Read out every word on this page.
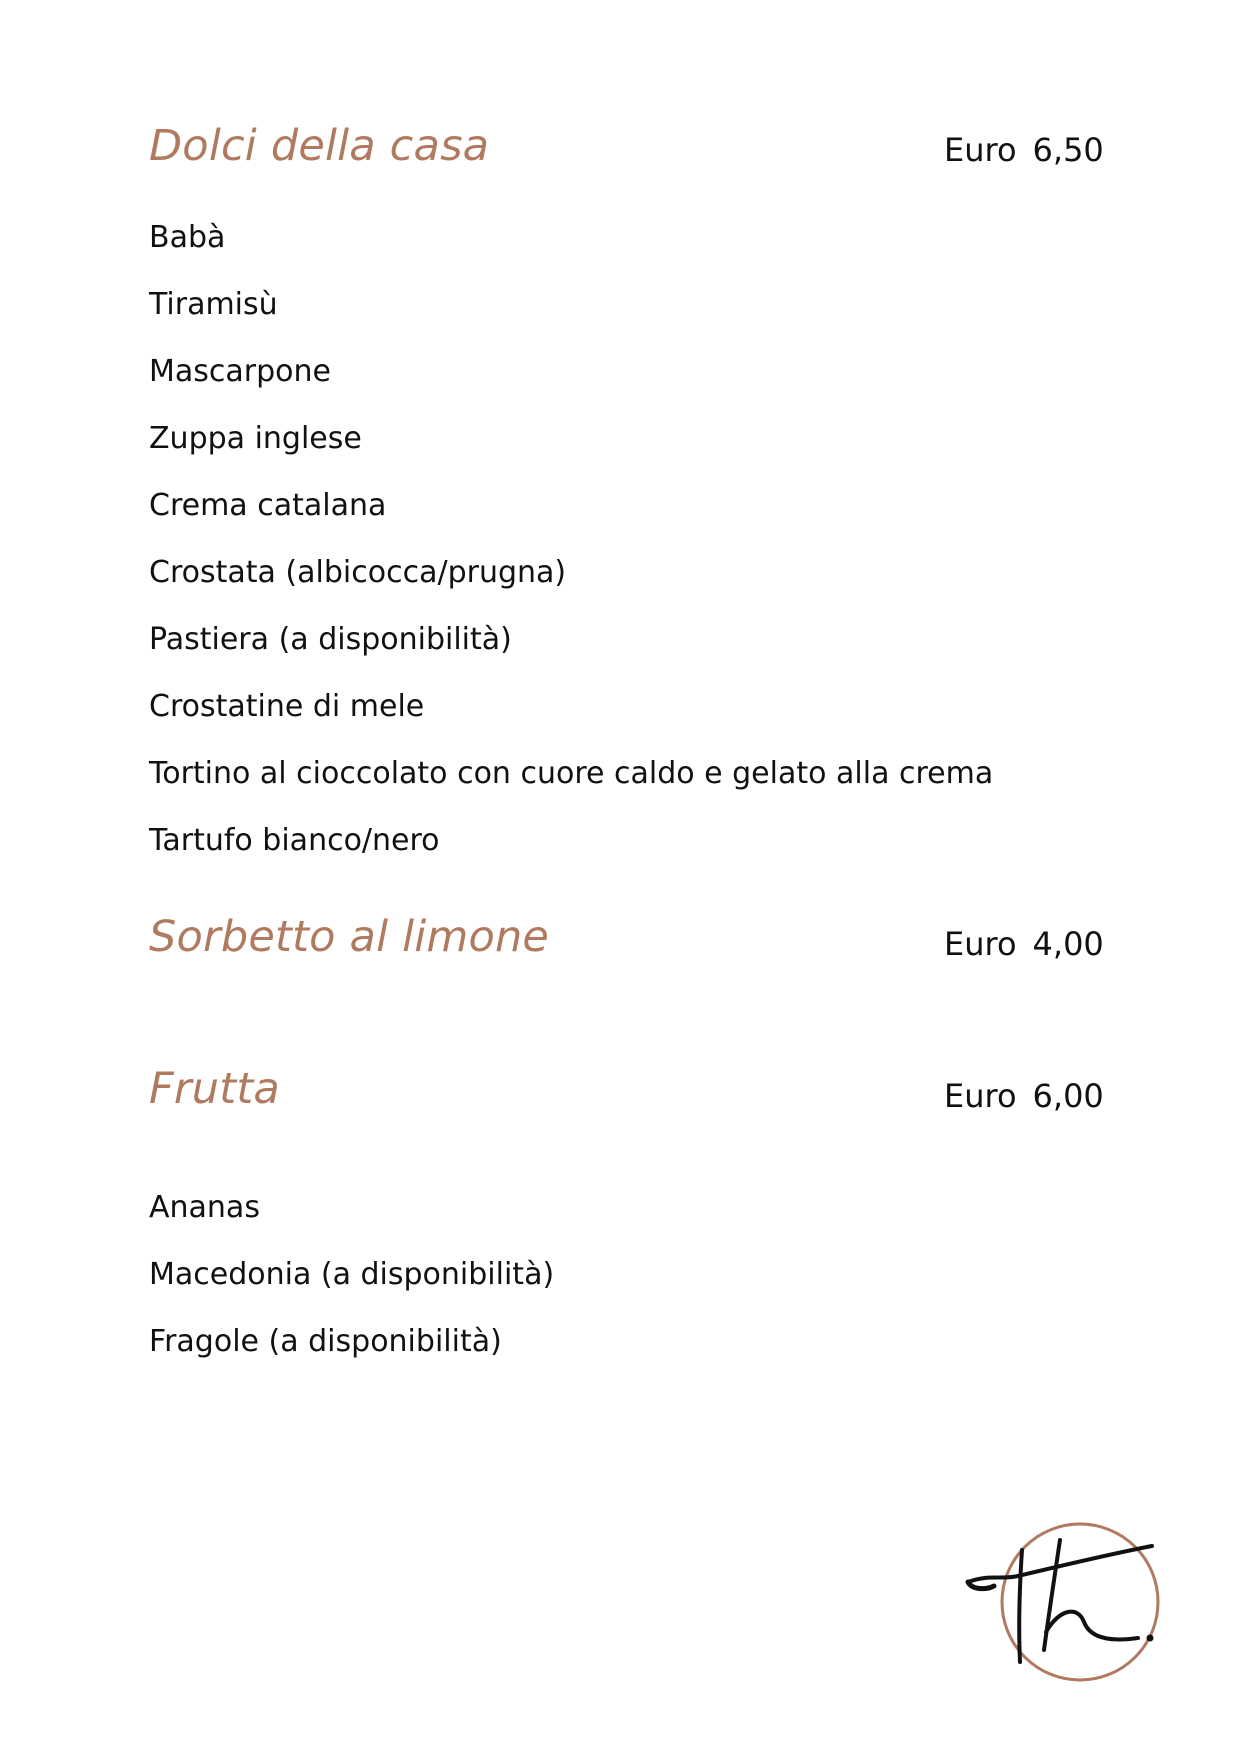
Dolci della casa	Euro 6,50
Babà
Tiramisù
Mascarpone
Zuppa inglese
Crema catalana
Crostata (albicocca/prugna)
Pastiera (a disponibilità)
Crostatine di mele
Tortino al cioccolato con cuore caldo e gelato alla crema
Tartufo bianco/nero
Sorbetto al limone	Euro 4,00
Frutta	Euro 6,00
Ananas
Macedonia (a disponibilità)
Fragole (a disponibilità)
